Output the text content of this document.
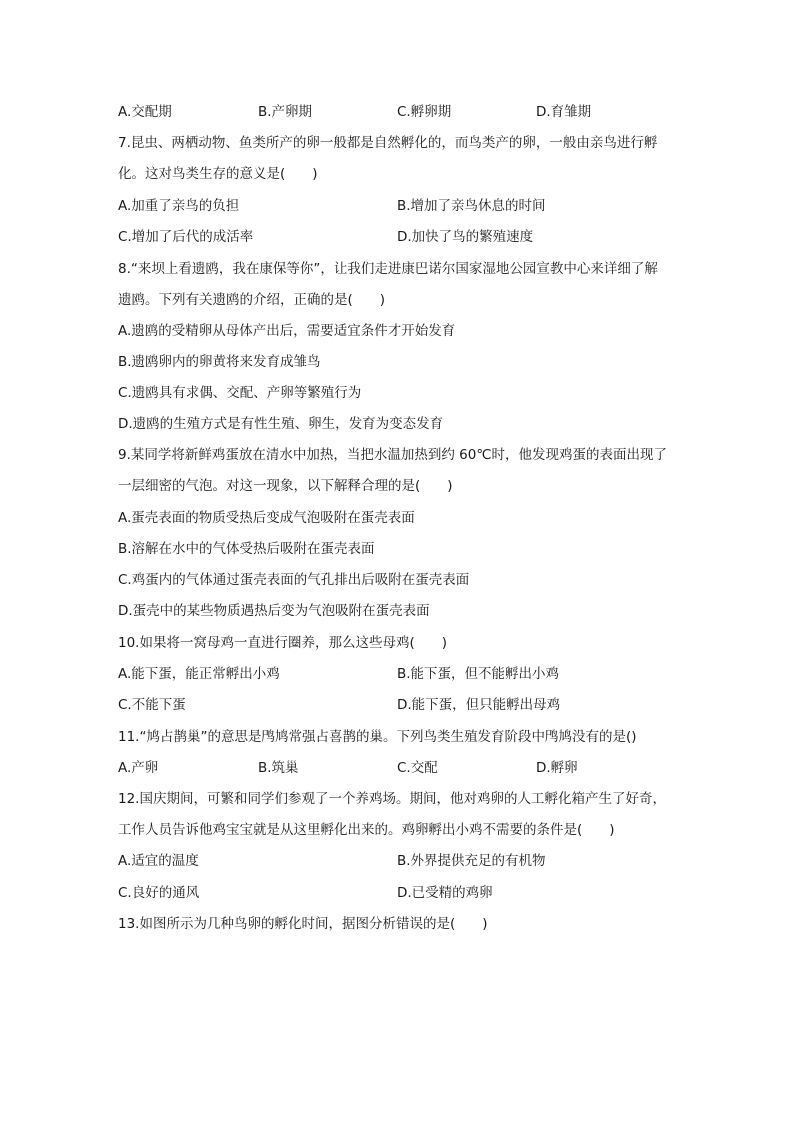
A.交配期	B.产卵期	C.孵卵期	D.育雏期
7.昆虫、两栖动物、鱼类所产的卵一般都是自然孵化的，而鸟类产的卵，一般由亲鸟进行孵
化。这对鸟类生存的意义是(　　)
A.加重了亲鸟的负担	B.增加了亲鸟休息的时间
C.增加了后代的成活率	D.加快了鸟的繁殖速度
8.“来坝上看遗鸥，我在康保等你”，让我们走进康巴诺尔国家湿地公园宣教中心来详细了解
遗鸥。下列有关遗鸥的介绍，正确的是(　　)
A.遗鸥的受精卵从母体产出后，需要适宜条件才开始发育
B.遗鸥卵内的卵黄将来发育成雏鸟
C.遗鸥具有求偶、交配、产卵等繁殖行为
D.遗鸥的生殖方式是有性生殖、卵生，发育为变态发育
9.某同学将新鲜鸡蛋放在清水中加热，当把水温加热到约 60℃时，他发现鸡蛋的表面出现了
一层细密的气泡。对这一现象，以下解释合理的是(　　)
A.蛋壳表面的物质受热后变成气泡吸附在蛋壳表面
B.溶解在水中的气体受热后吸附在蛋壳表面
C.鸡蛋内的气体通过蛋壳表面的气孔排出后吸附在蛋壳表面
D.蛋壳中的某些物质遇热后变为气泡吸附在蛋壳表面
10.如果将一窝母鸡一直进行圈养，那么这些母鸡(　　)
A.能下蛋，能正常孵出小鸡	B.能下蛋，但不能孵出小鸡
C.不能下蛋	D.能下蛋，但只能孵出母鸡
11.“鸠占鹊巢”的意思是鸤鸠常强占喜鹊的巢。下列鸟类生殖发育阶段中鸤鸠没有的是()
A.产卵	B.筑巢	C.交配	D.孵卵
12.国庆期间，可繁和同学们参观了一个养鸡场。期间，他对鸡卵的人工孵化箱产生了好奇，
工作人员告诉他鸡宝宝就是从这里孵化出来的。鸡卵孵出小鸡不需要的条件是(　　)
A.适宜的温度	B.外界提供充足的有机物
C.良好的通风	D.已受精的鸡卵
13.如图所示为几种鸟卵的孵化时间，据图分析错误的是(　　)
